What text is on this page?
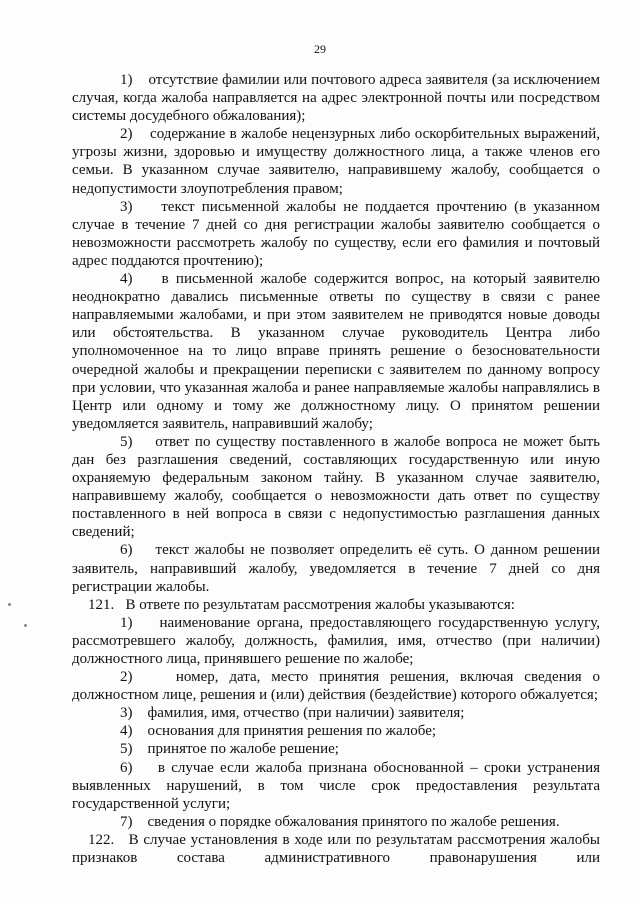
29

1)    отсутствие фамилии или почтового адреса заявителя (за исключением случая, когда жалоба направляется на адрес электронной почты или посредством системы досудебного обжалования);

2)    содержание в жалобе нецензурных либо оскорбительных выражений, угрозы жизни, здоровью и имуществу должностного лица, а также членов его семьи. В указанном случае заявителю, направившему жалобу, сообщается о недопустимости злоупотребления правом;

3)    текст письменной жалобы не поддается прочтению (в указанном случае в течение 7 дней со дня регистрации жалобы заявителю сообщается о невозможности рассмотреть жалобу по существу, если его фамилия и почтовый адрес поддаются прочтению);

4)    в письменной жалобе содержится вопрос, на который заявителю неоднократно давались письменные ответы по существу в связи с ранее направляемыми жалобами, и при этом заявителем не приводятся новые доводы или обстоятельства. В указанном случае руководитель Центра либо уполномоченное на то лицо вправе принять решение о безосновательности очередной жалобы и прекращении переписки с заявителем по данному вопросу при условии, что указанная жалоба и ранее направляемые жалобы направлялись в Центр или одному и тому же должностному лицу. О принятом решении уведомляется заявитель, направивший жалобу;

5)    ответ по существу поставленного в жалобе вопроса не может быть дан без разглашения сведений, составляющих государственную или иную охраняемую федеральным законом тайну. В указанном случае заявителю, направившему жалобу, сообщается о невозможности дать ответ по существу поставленного в ней вопроса в связи с недопустимостью разглашения данных сведений;

6)    текст жалобы не позволяет определить её суть. О данном решении заявитель, направивший жалобу, уведомляется в течение 7 дней со дня регистрации жалобы.

121.   В ответе по результатам рассмотрения жалобы указываются:

1)    наименование органа, предоставляющего государственную услугу, рассмотревшего жалобу, должность, фамилия, имя, отчество (при наличии) должностного лица, принявшего решение по жалобе;

2)    номер, дата, место принятия решения, включая сведения о должностном лице, решения и (или) действия (бездействие) которого обжалуется;

3)    фамилия, имя, отчество (при наличии) заявителя;

4)    основания для принятия решения по жалобе;

5)    принятое по жалобе решение;

6)    в случае если жалоба признана обоснованной – сроки устранения выявленных нарушений, в том числе срок предоставления результата государственной услуги;

7)    сведения о порядке обжалования принятого по жалобе решения.

122.   В случае установления в ходе или по результатам рассмотрения жалобы признаков состава административного правонарушения или
